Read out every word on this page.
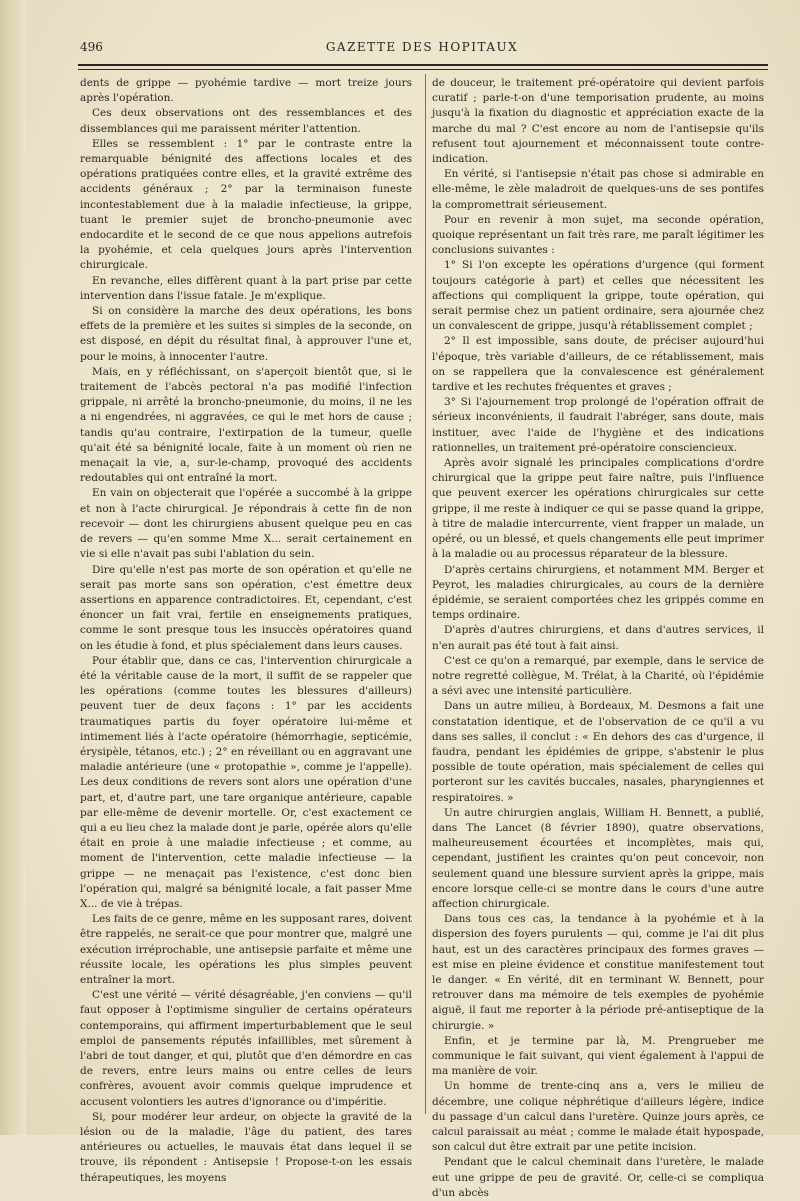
496	GAZETTE DES HOPITAUX

dents de grippe — pyohémie tardive — mort treize jours après l'opération.

Ces deux observations ont des ressemblances et des dissemblances qui me paraissent mériter l'attention.

Elles se ressemblent : 1° par le contraste entre la remarquable bénignité des affections locales et des opérations pratiquées contre elles, et la gravité extrême des accidents généraux ; 2° par la terminaison funeste incontestablement due à la maladie infectieuse, la grippe, tuant le premier sujet de broncho-pneumonie avec endocardite et le second de ce que nous appelions autrefois la pyohémie, et cela quelques jours après l'intervention chirurgicale.

En revanche, elles diffèrent quant à la part prise par cette intervention dans l'issue fatale. Je m'explique.

Si on considère la marche des deux opérations, les bons effets de la première et les suites si simples de la seconde, on est disposé, en dépit du résultat final, à approuver l'une et, pour le moins, à innocenter l'autre.

Mais, en y réfléchissant, on s'aperçoit bientôt que, si le traitement de l'abcès pectoral n'a pas modifié l'infection grippale, ni arrêté la broncho-pneumonie, du moins, il ne les a ni engendrées, ni aggravées, ce qui le met hors de cause ; tandis qu'au contraire, l'extirpation de la tumeur, quelle qu'ait été sa bénignité locale, faite à un moment où rien ne menaçait la vie, a, sur-le-champ, provoqué des accidents redoutables qui ont entraîné la mort.

En vain on objecterait que l'opérée a succombé à la grippe et non à l'acte chirurgical. Je répondrais à cette fin de non recevoir — dont les chirurgiens abusent quelque peu en cas de revers — qu'en somme Mme X... serait certainement en vie si elle n'avait pas subi l'ablation du sein.

Dire qu'elle n'est pas morte de son opération et qu'elle ne serait pas morte sans son opération, c'est émettre deux assertions en apparence contradictoires. Et, cependant, c'est énoncer un fait vrai, fertile en enseignements pratiques, comme le sont presque tous les insuccès opératoires quand on les étudie à fond, et plus spécialement dans leurs causes.

Pour établir que, dans ce cas, l'intervention chirurgicale a été la véritable cause de la mort, il suffit de se rappeler que les opérations (comme toutes les blessures d'ailleurs) peuvent tuer de deux façons : 1° par les accidents traumatiques partis du foyer opératoire lui-même et intimement liés à l'acte opératoire (hémorrhagie, septicémie, érysipèle, tétanos, etc.) ; 2° en réveillant ou en aggravant une maladie antérieure (une « protopathie », comme je l'appelle). Les deux conditions de revers sont alors une opération d'une part, et, d'autre part, une tare organique antérieure, capable par elle-même de devenir mortelle. Or, c'est exactement ce qui a eu lieu chez la malade dont je parle, opérée alors qu'elle était en proie à une maladie infectieuse ; et comme, au moment de l'intervention, cette maladie infectieuse — la grippe — ne menaçait pas l'existence, c'est donc bien l'opération qui, malgré sa bénignité locale, a fait passer Mme X... de vie à trépas.

Les faits de ce genre, même en les supposant rares, doivent être rappelés, ne serait-ce que pour montrer que, malgré une exécution irréprochable, une antisepsie parfaite et même une réussite locale, les opérations les plus simples peuvent entraîner la mort.

C'est une vérité — vérité désagréable, j'en conviens — qu'il faut opposer à l'optimisme singulier de certains opérateurs contemporains, qui affirment imperturbablement que le seul emploi de pansements réputés infaillibles, met sûrement à l'abri de tout danger, et qui, plutôt que d'en démordre en cas de revers, entre leurs mains ou entre celles de leurs confrères, avouent avoir commis quelque imprudence et accusent volontiers les autres d'ignorance ou d'impéritie.

Si, pour modérer leur ardeur, on objecte la gravité de la lésion ou de la maladie, l'âge du patient, des tares antérieures ou actuelles, le mauvais état dans lequel il se trouve, ils répondent : Antisepsie ! Propose-t-on les essais thérapeutiques, les moyens

de douceur, le traitement pré-opératoire qui devient parfois curatif ; parle-t-on d'une temporisation prudente, au moins jusqu'à la fixation du diagnostic et appréciation exacte de la marche du mal ? C'est encore au nom de l'antisepsie qu'ils refusent tout ajournement et méconnaissent toute contre-indication.

En vérité, si l'antisepsie n'était pas chose si admirable en elle-même, le zèle maladroit de quelques-uns de ses pontifes la compromettrait sérieusement.

Pour en revenir à mon sujet, ma seconde opération, quoique représentant un fait très rare, me paraît légitimer les conclusions suivantes :

1° Si l'on excepte les opérations d'urgence (qui forment toujours catégorie à part) et celles que nécessitent les affections qui compliquent la grippe, toute opération, qui serait permise chez un patient ordinaire, sera ajournée chez un convalescent de grippe, jusqu'à rétablissement complet ;

2° Il est impossible, sans doute, de préciser aujourd'hui l'époque, très variable d'ailleurs, de ce rétablissement, mais on se rappellera que la convalescence est généralement tardive et les rechutes fréquentes et graves ;

3° Si l'ajournement trop prolongé de l'opération offrait de sérieux inconvénients, il faudrait l'abréger, sans doute, mais instituer, avec l'aide de l'hygiène et des indications rationnelles, un traitement pré-opératoire consciencieux.

Après avoir signalé les principales complications d'ordre chirurgical que la grippe peut faire naître, puis l'influence que peuvent exercer les opérations chirurgicales sur cette grippe, il me reste à indiquer ce qui se passe quand la grippe, à titre de maladie intercurrente, vient frapper un malade, un opéré, ou un blessé, et quels changements elle peut imprimer à la maladie ou au processus réparateur de la blessure.

D'après certains chirurgiens, et notamment MM. Berger et Peyrot, les maladies chirurgicales, au cours de la dernière épidémie, se seraient comportées chez les grippés comme en temps ordinaire.

D'après d'autres chirurgiens, et dans d'autres services, il n'en aurait pas été tout à fait ainsi.

C'est ce qu'on a remarqué, par exemple, dans le service de notre regretté collègue, M. Trélat, à la Charité, où l'épidémie a sévi avec une intensité particulière.

Dans un autre milieu, à Bordeaux, M. Desmons a fait une constatation identique, et de l'observation de ce qu'il a vu dans ses salles, il conclut : « En dehors des cas d'urgence, il faudra, pendant les épidémies de grippe, s'abstenir le plus possible de toute opération, mais spécialement de celles qui porteront sur les cavités buccales, nasales, pharyngiennes et respiratoires. »

Un autre chirurgien anglais, William H. Bennett, a publié, dans The Lancet (8 février 1890), quatre observations, malheureusement écourtées et incomplètes, mais qui, cependant, justifient les craintes qu'on peut concevoir, non seulement quand une blessure survient après la grippe, mais encore lorsque celle-ci se montre dans le cours d'une autre affection chirurgicale.

Dans tous ces cas, la tendance à la pyohémie et à la dispersion des foyers purulents — qui, comme je l'ai dit plus haut, est un des caractères principaux des formes graves — est mise en pleine évidence et constitue manifestement tout le danger. « En vérité, dit en terminant W. Bennett, pour retrouver dans ma mémoire de tels exemples de pyohémie aiguë, il faut me reporter à la période pré-antiseptique de la chirurgie. »

Enfin, et je termine par là, M. Prengrueber me communique le fait suivant, qui vient également à l'appui de ma manière de voir.

Un homme de trente-cinq ans a, vers le milieu de décembre, une colique néphrétique d'ailleurs légère, indice du passage d'un calcul dans l'uretère. Quinze jours après, ce calcul paraissait au méat ; comme le malade était hypospade, son calcul dut être extrait par une petite incision.

Pendant que le calcul cheminait dans l'uretère, le malade eut une grippe de peu de gravité. Or, celle-ci se compliqua d'un abcès
